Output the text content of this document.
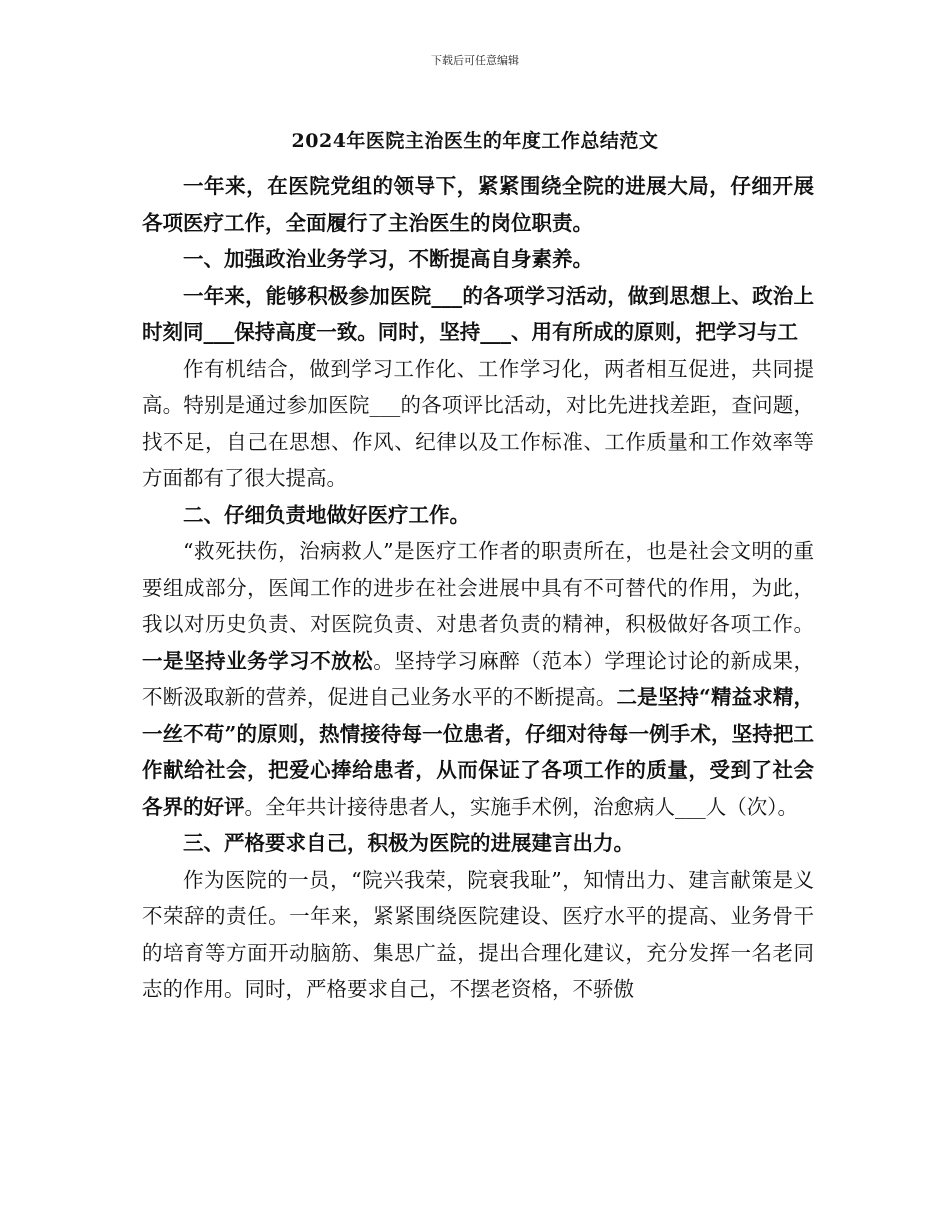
下载后可任意编辑
2024年医院主治医生的年度工作总结范文

一年来，在医院党组的领导下，紧紧围绕全院的进展大局，仔细开展各项医疗工作，全面履行了主治医生的岗位职责。

一、加强政治业务学习，不断提高自身素养。

一年来，能够积极参加医院___的各项学习活动，做到思想上、政治上时刻同___保持高度一致。同时，坚持___、用有所成的原则，把学习与工

作有机结合，做到学习工作化、工作学习化，两者相互促进，共同提高。特别是通过参加医院___的各项评比活动，对比先进找差距，查问题，找不足，自己在思想、作风、纪律以及工作标准、工作质量和工作效率等方面都有了很大提高。

二、仔细负责地做好医疗工作。

“救死扶伤，治病救人”是医疗工作者的职责所在，也是社会文明的重要组成部分，医闻工作的进步在社会进展中具有不可替代的作用，为此，我以对历史负责、对医院负责、对患者负责的精神，积极做好各项工作。一是坚持业务学习不放松。坚持学习麻醉（范本）学理论讨论的新成果，不断汲取新的营养，促进自己业务水平的不断提高。二是坚持“精益求精，一丝不苟”的原则，热情接待每一位患者，仔细对待每一例手术，坚持把工作献给社会，把爱心捧给患者，从而保证了各项工作的质量，受到了社会各界的好评。全年共计接待患者人，实施手术例，治愈病人___人（次）。

三、严格要求自己，积极为医院的进展建言出力。

作为医院的一员，“院兴我荣，院衰我耻”，知情出力、建言献策是义不荣辞的责任。一年来，紧紧围绕医院建设、医疗水平的提高、业务骨干的培育等方面开动脑筋、集思广益，提出合理化建议，充分发挥一名老同志的作用。同时，严格要求自己，不摆老资格，不骄傲
